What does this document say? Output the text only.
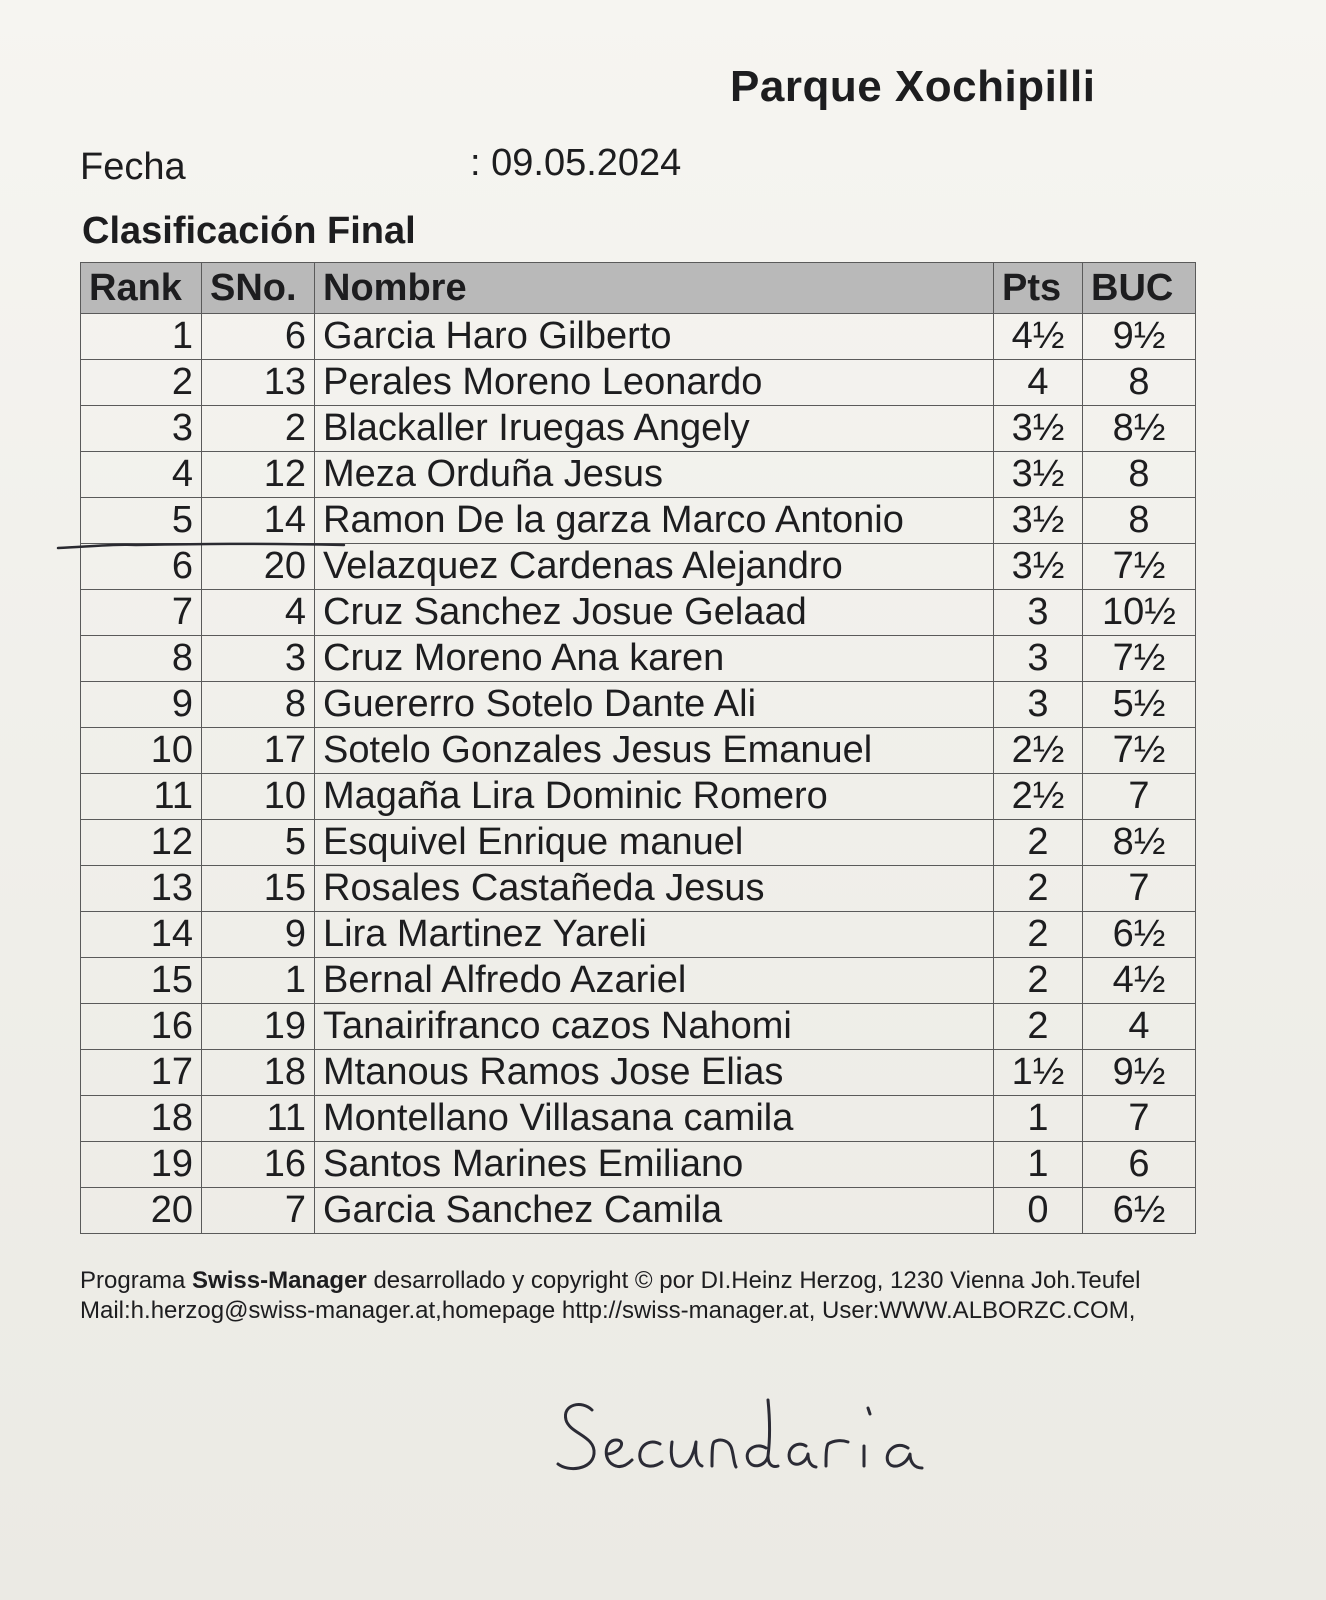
Parque Xochipilli
Fecha	: 09.05.2024
Clasificación Final
Rank	SNo.	Nombre	Pts	BUC
1	6	Garcia Haro Gilberto	4½	9½
2	13	Perales Moreno Leonardo	4	8
3	2	Blackaller Iruegas Angely	3½	8½
4	12	Meza Orduña Jesus	3½	8
5	14	Ramon De la garza Marco Antonio	3½	8
6	20	Velazquez Cardenas Alejandro	3½	7½
7	4	Cruz Sanchez Josue Gelaad	3	10½
8	3	Cruz Moreno Ana karen	3	7½
9	8	Guererro Sotelo Dante Ali	3	5½
10	17	Sotelo Gonzales Jesus Emanuel	2½	7½
11	10	Magaña Lira Dominic Romero	2½	7
12	5	Esquivel Enrique manuel	2	8½
13	15	Rosales Castañeda Jesus	2	7
14	9	Lira Martinez Yareli	2	6½
15	1	Bernal Alfredo Azariel	2	4½
16	19	Tanairifranco cazos Nahomi	2	4
17	18	Mtanous Ramos Jose Elias	1½	9½
18	11	Montellano Villasana camila	1	7
19	16	Santos Marines Emiliano	1	6
20	7	Garcia Sanchez Camila	0	6½
Programa Swiss-Manager desarrollado y copyright © por DI.Heinz Herzog, 1230 Vienna Joh.Teufel
Mail:h.herzog@swiss-manager.at,homepage http://swiss-manager.at, User:WWW.ALBORZC.COM,
